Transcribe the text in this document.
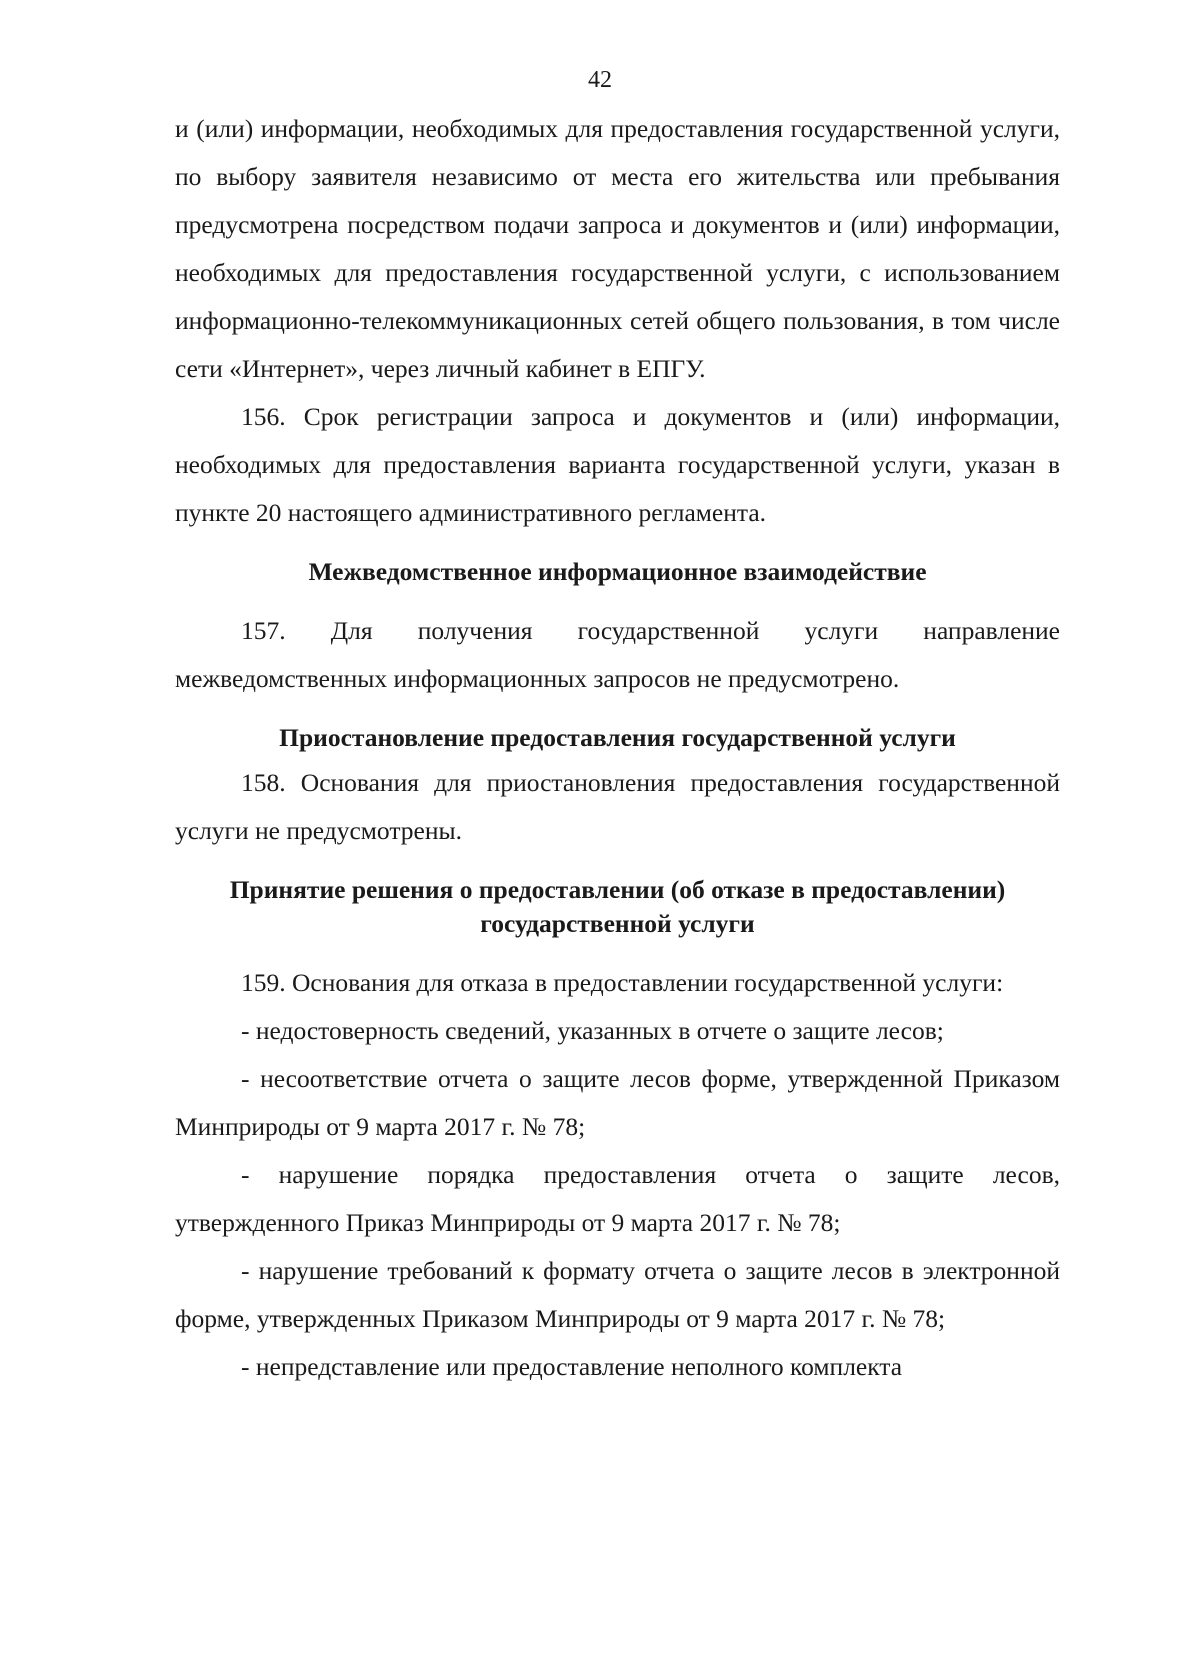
42

и (или) информации, необходимых для предоставления государственной услуги, по выбору заявителя независимо от места его жительства или пребывания предусмотрена посредством подачи запроса и документов и (или) информации, необходимых для предоставления государственной услуги, с использованием информационно-телекоммуникационных сетей общего пользования, в том числе сети «Интернет», через личный кабинет в ЕПГУ.

156. Срок регистрации запроса и документов и (или) информации, необходимых для предоставления варианта государственной услуги, указан в пункте 20 настоящего административного регламента.

Межведомственное информационное взаимодействие

157. Для получения государственной услуги направление межведомственных информационных запросов не предусмотрено.

Приостановление предоставления государственной услуги

158. Основания для приостановления предоставления государственной услуги не предусмотрены.

Принятие решения о предоставлении (об отказе в предоставлении)

государственной услуги

159. Основания для отказа в предоставлении государственной услуги:

- недостоверность сведений, указанных в отчете о защите лесов;

- несоответствие отчета о защите лесов форме, утвержденной Приказом Минприроды от 9 марта 2017 г. № 78;

- нарушение порядка предоставления отчета о защите лесов, утвержденного Приказ Минприроды от 9 марта 2017 г. № 78;

- нарушение требований к формату отчета о защите лесов в электронной форме, утвержденных Приказом Минприроды от 9 марта 2017 г. № 78;

- непредставление или предоставление неполного комплекта
